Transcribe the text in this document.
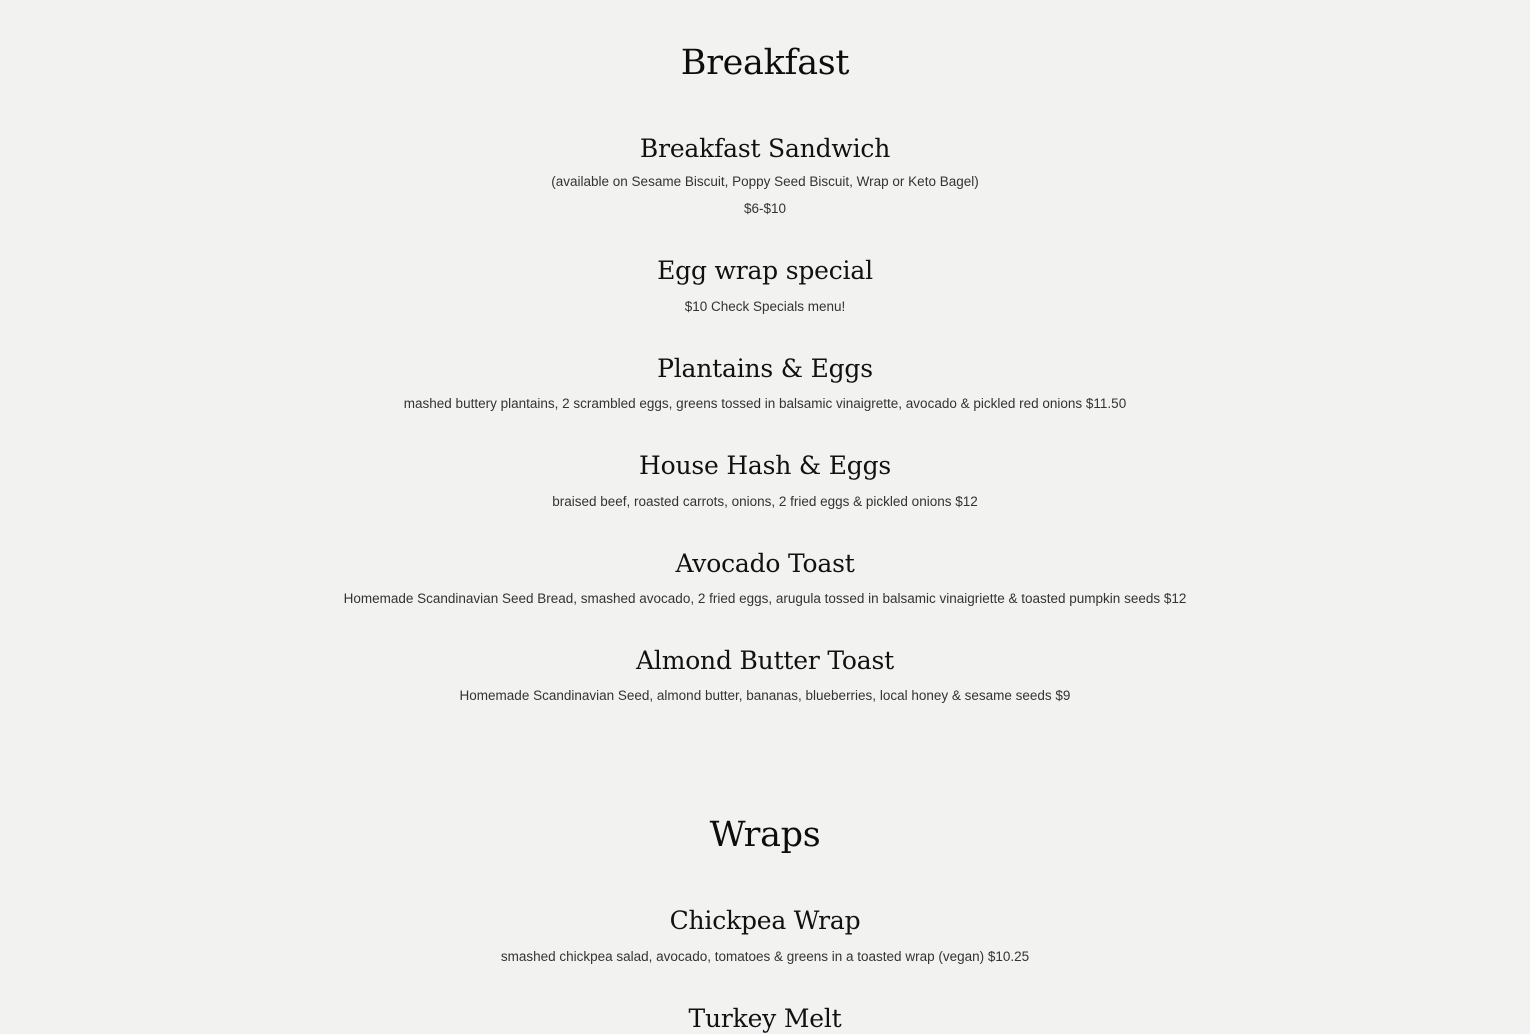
Breakfast
Breakfast Sandwich

(available on Sesame Biscuit, Poppy Seed Biscuit, Wrap or Keto Bagel)

$6-$10

Egg wrap special

$10 Check Specials menu!

Plantains & Eggs

mashed buttery plantains, 2 scrambled eggs, greens tossed in balsamic vinaigrette, avocado & pickled red onions $11.50

House Hash & Eggs

braised beef, roasted carrots, onions, 2 fried eggs & pickled onions $12

Avocado Toast

Homemade Scandinavian Seed Bread, smashed avocado, 2 fried eggs, arugula tossed in balsamic vinaigriette & toasted pumpkin seeds $12

Almond Butter Toast

Homemade Scandinavian Seed, almond butter, bananas, blueberries, local honey & sesame seeds $9

Wraps
Chickpea Wrap

smashed chickpea salad, avocado, tomatoes & greens in a toasted wrap (vegan) $10.25

Turkey Melt
